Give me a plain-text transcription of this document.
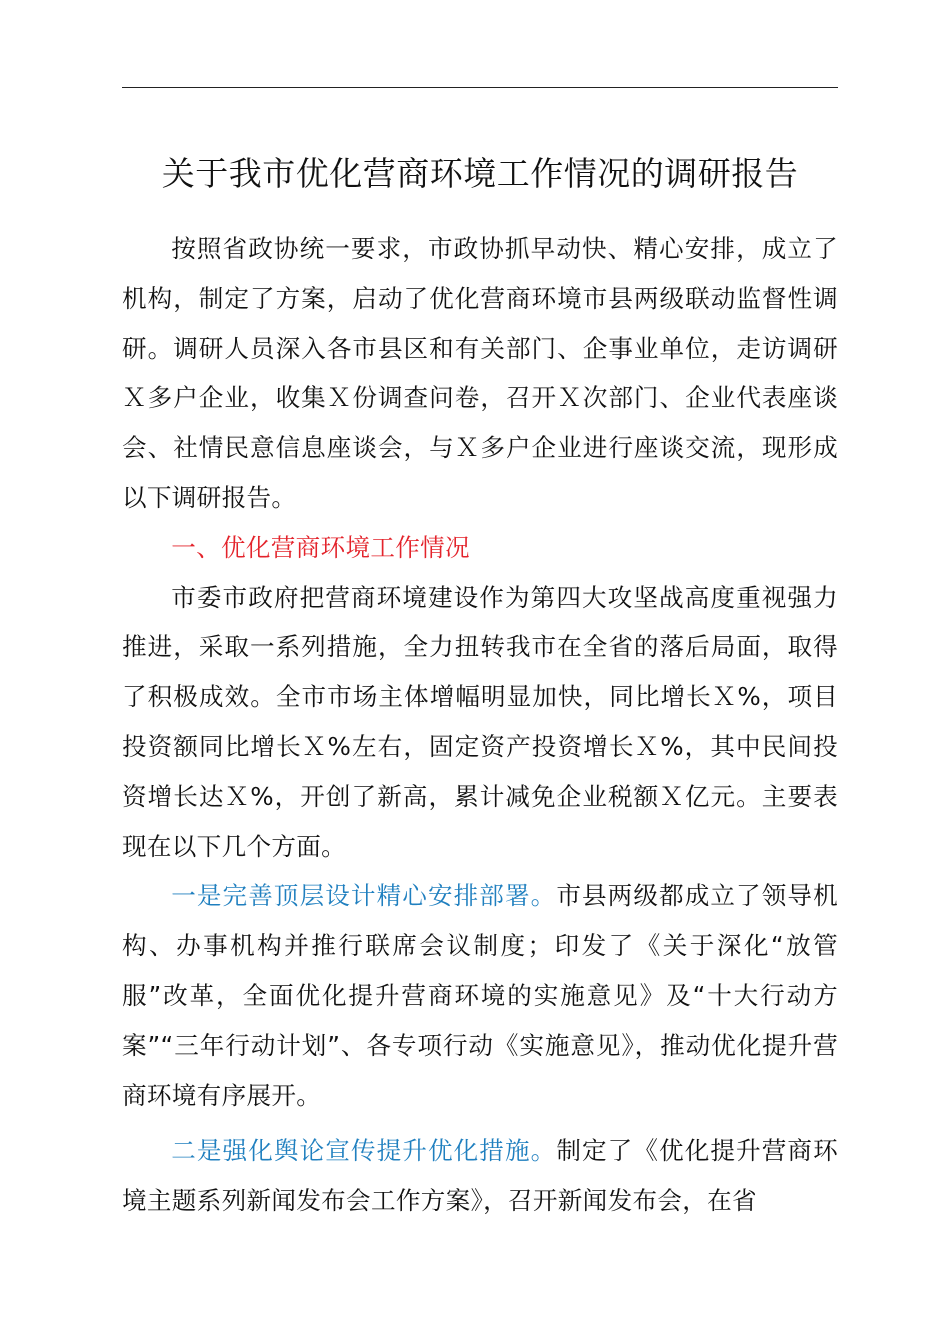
关于我市优化营商环境工作情况的调研报告

按照省政协统一要求，市政协抓早动快、精心安排，成立了机构，制定了方案，启动了优化营商环境市县两级联动监督性调研。调研人员深入各市县区和有关部门、企事业单位，走访调研Ｘ多户企业，收集Ｘ份调查问卷，召开Ｘ次部门、企业代表座谈会、社情民意信息座谈会，与Ｘ多户企业进行座谈交流，现形成以下调研报告。

一、优化营商环境工作情况

市委市政府把营商环境建设作为第四大攻坚战高度重视强力推进，采取一系列措施，全力扭转我市在全省的落后局面，取得了积极成效。全市市场主体增幅明显加快，同比增长Ｘ%，项目投资额同比增长Ｘ%左右，固定资产投资增长Ｘ%，其中民间投资增长达Ｘ%，开创了新高，累计减免企业税额Ｘ亿元。主要表现在以下几个方面。

一是完善顶层设计精心安排部署。市县两级都成立了领导机构、办事机构并推行联席会议制度；印发了《关于深化“放管服”改革，全面优化提升营商环境的实施意见》及“十大行动方案”“三年行动计划”、各专项行动《实施意见》，推动优化提升营商环境有序展开。

二是强化舆论宣传提升优化措施。制定了《优化提升营商环境主题系列新闻发布会工作方案》，召开新闻发布会，在省
